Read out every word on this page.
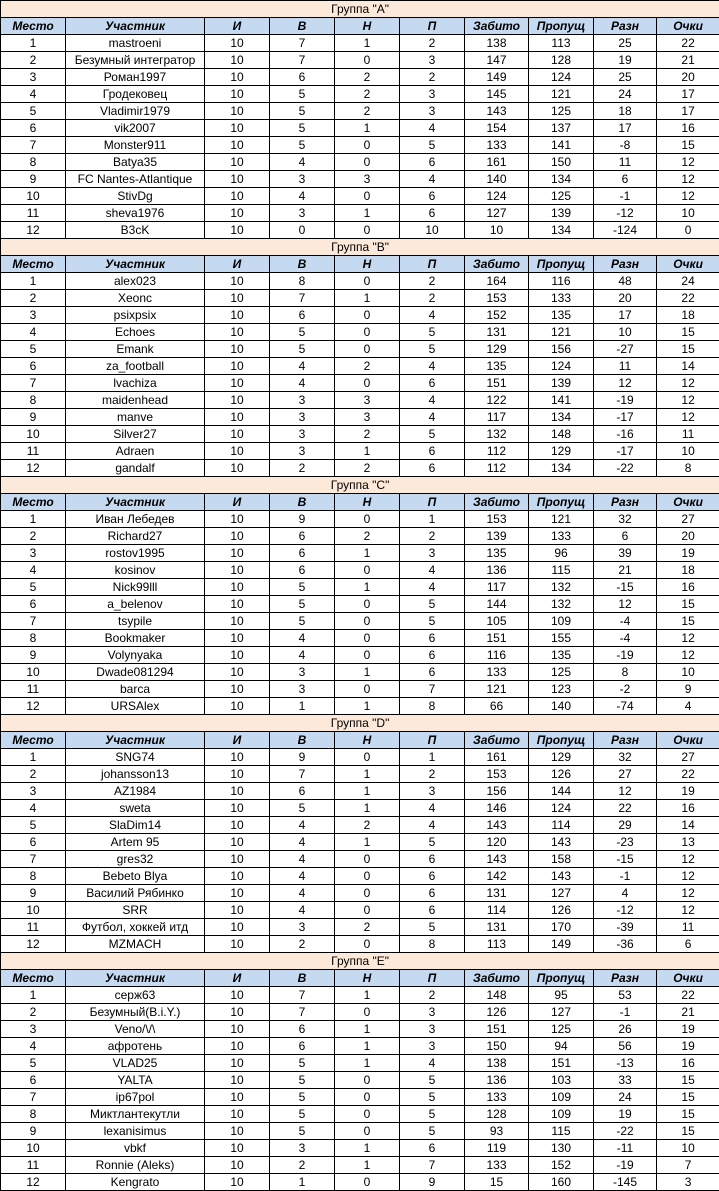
Группа "A"									
Место	Участник	И	В	Н	П	Забито	Пропущ	Разн	Очки
1	mastroeni	10	7	1	2	138	113	25	22
2	Безумный интегратор	10	7	0	3	147	128	19	21
3	Роман1997	10	6	2	2	149	124	25	20
4	Гродековец	10	5	2	3	145	121	24	17
5	Vladimir1979	10	5	2	3	143	125	18	17
6	vik2007	10	5	1	4	154	137	17	16
7	Monster911	10	5	0	5	133	141	-8	15
8	Batya35	10	4	0	6	161	150	11	12
9	FC Nantes-Atlantique	10	3	3	4	140	134	6	12
10	StivDg	10	4	0	6	124	125	-1	12
11	sheva1976	10	3	1	6	127	139	-12	10
12	B3cK	10	0	0	10	10	134	-124	0
Группа "B"									
Место	Участник	И	В	Н	П	Забито	Пропущ	Разн	Очки
1	alex023	10	8	0	2	164	116	48	24
2	Xeonc	10	7	1	2	153	133	20	22
3	psixpsix	10	6	0	4	152	135	17	18
4	Echoes	10	5	0	5	131	121	10	15
5	Emank	10	5	0	5	129	156	-27	15
6	za_football	10	4	2	4	135	124	11	14
7	lvachiza	10	4	0	6	151	139	12	12
8	maidenhead	10	3	3	4	122	141	-19	12
9	manve	10	3	3	4	117	134	-17	12
10	Silver27	10	3	2	5	132	148	-16	11
11	Adraen	10	3	1	6	112	129	-17	10
12	gandalf	10	2	2	6	112	134	-22	8
Группа "C"									
Место	Участник	И	В	Н	П	Забито	Пропущ	Разн	Очки
1	Иван Лебедев	10	9	0	1	153	121	32	27
2	Richard27	10	6	2	2	139	133	6	20
3	rostov1995	10	6	1	3	135	96	39	19
4	kosinov	10	6	0	4	136	115	21	18
5	Nick99lll	10	5	1	4	117	132	-15	16
6	a_belenov	10	5	0	5	144	132	12	15
7	tsypile	10	5	0	5	105	109	-4	15
8	Bookmaker	10	4	0	6	151	155	-4	12
9	Volynyaka	10	4	0	6	116	135	-19	12
10	Dwade081294	10	3	1	6	133	125	8	10
11	barca	10	3	0	7	121	123	-2	9
12	URSAlex	10	1	1	8	66	140	-74	4
Группа "D"									
Место	Участник	И	В	Н	П	Забито	Пропущ	Разн	Очки
1	SNG74	10	9	0	1	161	129	32	27
2	johansson13	10	7	1	2	153	126	27	22
3	AZ1984	10	6	1	3	156	144	12	19
4	sweta	10	5	1	4	146	124	22	16
5	SlaDim14	10	4	2	4	143	114	29	14
6	Artem 95	10	4	1	5	120	143	-23	13
7	gres32	10	4	0	6	143	158	-15	12
8	Bebeto Blya	10	4	0	6	142	143	-1	12
9	Василий Рябинко	10	4	0	6	131	127	4	12
10	SRR	10	4	0	6	114	126	-12	12
11	Футбол, хоккей итд	10	3	2	5	131	170	-39	11
12	MZMACH	10	2	0	8	113	149	-36	6
Группа "E"									
Место	Участник	И	В	Н	П	Забито	Пропущ	Разн	Очки
1	серж63	10	7	1	2	148	95	53	22
2	Безумный(B.i.Y.)	10	7	0	3	126	127	-1	21
3	Veno/\/\	10	6	1	3	151	125	26	19
4	афротень	10	6	1	3	150	94	56	19
5	VLAD25	10	5	1	4	138	151	-13	16
6	YALTA	10	5	0	5	136	103	33	15
7	ip67pol	10	5	0	5	133	109	24	15
8	Миктлантекутли	10	5	0	5	128	109	19	15
9	lexanisimus	10	5	0	5	93	115	-22	15
10	vbkf	10	3	1	6	119	130	-11	10
11	Ronnie (Aleks)	10	2	1	7	133	152	-19	7
12	Kengrato	10	1	0	9	15	160	-145	3
